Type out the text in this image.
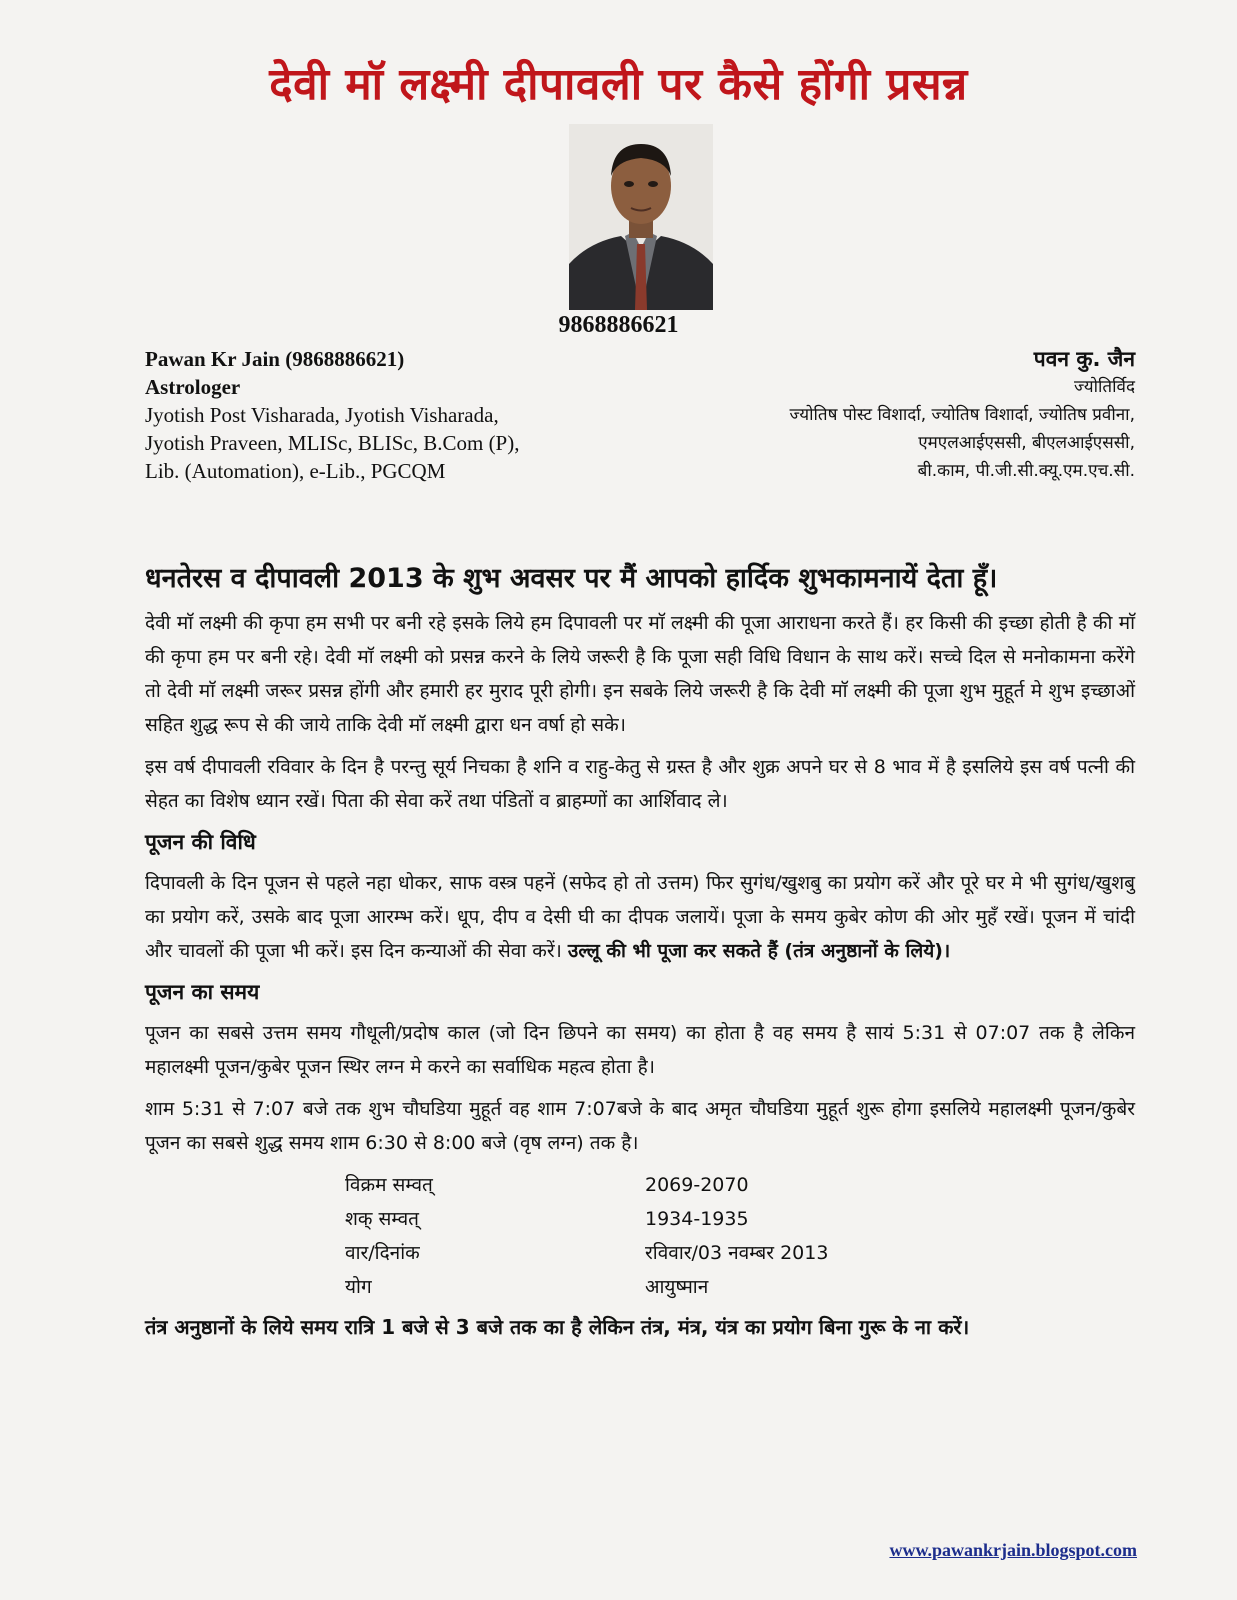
देवी माॅ लक्ष्मी दीपावली पर कैसे होंगी प्रसन्न
9868886621
Pawan Kr Jain (9868886621)
Astrologer
Jyotish Post Visharada, Jyotish Visharada,
Jyotish Praveen, MLISc, BLISc, B.Com (P),
Lib. (Automation), e-Lib., PGCQM
पवन कु. जैन
ज्योतिर्विद
ज्योतिष पोस्ट विशार्दा, ज्योतिष विशार्दा, ज्योतिष प्रवीना,
एमएलआईएससी, बीएलआईएससी,
बी.काम, पी.जी.सी.क्यू.एम.एच.सी.
धनतेरस व दीपावली 2013 के शुभ अवसर पर मैं आपको हार्दिक शुभकामनायें देता हूॅं।

देवी माॅ लक्ष्मी की कृपा हम सभी पर बनी रहे इसके लिये हम दिपावली पर माॅ लक्ष्मी की पूजा आराधना करते हैं। हर किसी की इच्छा होती है की माॅ की कृपा हम पर बनी रहे। देवी माॅ लक्ष्मी को प्रसन्न करने के लिये जरूरी है कि पूजा सही विधि विधान के साथ करें। सच्चे दिल से मनोकामना करेंगे तो देवी माॅ लक्ष्मी जरूर प्रसन्न होंगी और हमारी हर मुराद पूरी होगी। इन सबके लिये जरूरी है कि देवी माॅ लक्ष्मी की पूजा शुभ मुहूर्त मे शुभ इच्छाओं सहित शुद्ध रूप से की जाये ताकि देवी माॅ लक्ष्मी द्वारा धन वर्षा हो सके।

इस वर्ष दीपावली रविवार के दिन है परन्तु सूर्य निचका है शनि व राहु-केतु से ग्रस्त है और शुक्र अपने घर से 8 भाव में है इसलिये इस वर्ष पत्नी की सेहत का विशेष ध्यान रखें। पिता की सेवा करें तथा पंडितों व ब्राहम्णों का आर्शिवाद ले।

पूजन की विधि

दिपावली के दिन पूजन से पहले नहा धोकर, साफ वस्त्र पहनें (सफेद हो तो उत्तम) फिर सुगंध/खुशबु का प्रयोग करें और पूरे घर मे भी सुगंध/खुशबु का प्रयोग करें, उसके बाद पूजा आरम्भ करें। धूप, दीप व देसी घी का दीपक जलायें। पूजा के समय कुबेर कोण की ओर मुहँ रखें। पूजन में चांदी और चावलों की पूजा भी करें। इस दिन कन्याओं की सेवा करें। उल्लू की भी पूजा कर सकते हैं (तंत्र अनुष्ठानों के लिये)।

पूजन का समय

पूजन का सबसे उत्तम समय गौधूली/प्रदोष काल (जो दिन छिपने का समय) का होता है वह समय है सायं 5:31 से 07:07 तक है लेकिन महालक्ष्मी पूजन/कुबेर पूजन स्थिर लग्न मे करने का सर्वाधिक महत्व होता है।

शाम 5:31 से 7:07 बजे तक शुभ चौघडिया मुहूर्त वह शाम 7:07बजे के बाद अमृत चौघडिया मुहूर्त शुरू होगा इसलिये महालक्ष्मी पूजन/कुबेर पूजन का सबसे शुद्ध समय शाम 6:30 से 8:00 बजे (वृष लग्न) तक है।

विक्रम सम्वत्	2069-2070
शक् सम्वत्	1934-1935
वार/दिनांक	रविवार/03 नवम्बर 2013
योग	आयुष्मान
तंत्र अनुष्ठानों के लिये समय रात्रि 1 बजे से 3 बजे तक का है लेकिन तंत्र, मंत्र, यंत्र का प्रयोग बिना गुरू के ना करें।
www.pawankrjain.blogspot.com
